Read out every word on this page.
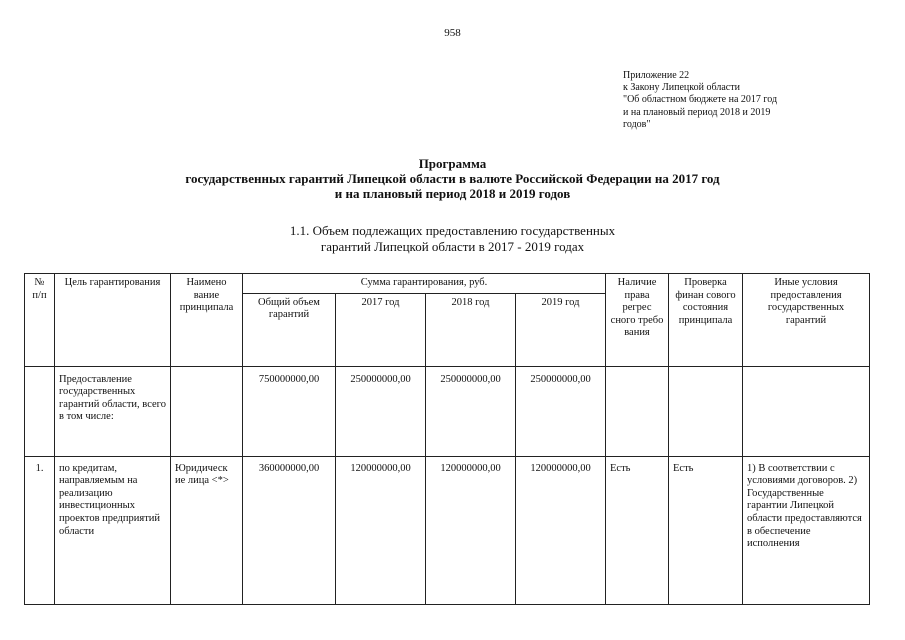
958
Приложение 22
к Закону Липецкой области
"Об областном бюджете на 2017 год
и на плановый период 2018 и 2019
годов"
Программа
государственных гарантий Липецкой области в валюте Российской Федерации на 2017 год
и на плановый период 2018 и 2019 годов
1.1. Объем подлежащих предоставлению государственных
гарантий Липецкой области в 2017 - 2019 годах
№ п/п	Цель гарантирования	Наимено вание принципала	Сумма гарантирования, руб.				Наличие права регрес сного требо вания	Проверка финан сового состояния принципала	Иные условия предоставления государственных гарантий
			Общий объем гарантий	2017 год	2018 год	2019 год			
	Предоставление государственных гарантий области, всего в том числе:		750000000,00	250000000,00	250000000,00	250000000,00			
1.	по кредитам, направляемым на реализацию инвестиционных проектов предприятий области	Юридическ ие лица <*>	360000000,00	120000000,00	120000000,00	120000000,00	Есть	Есть	1) В соответствии с условиями договоров. 2) Государственные гарантии Липецкой области предоставляются в обеспечение исполнения
